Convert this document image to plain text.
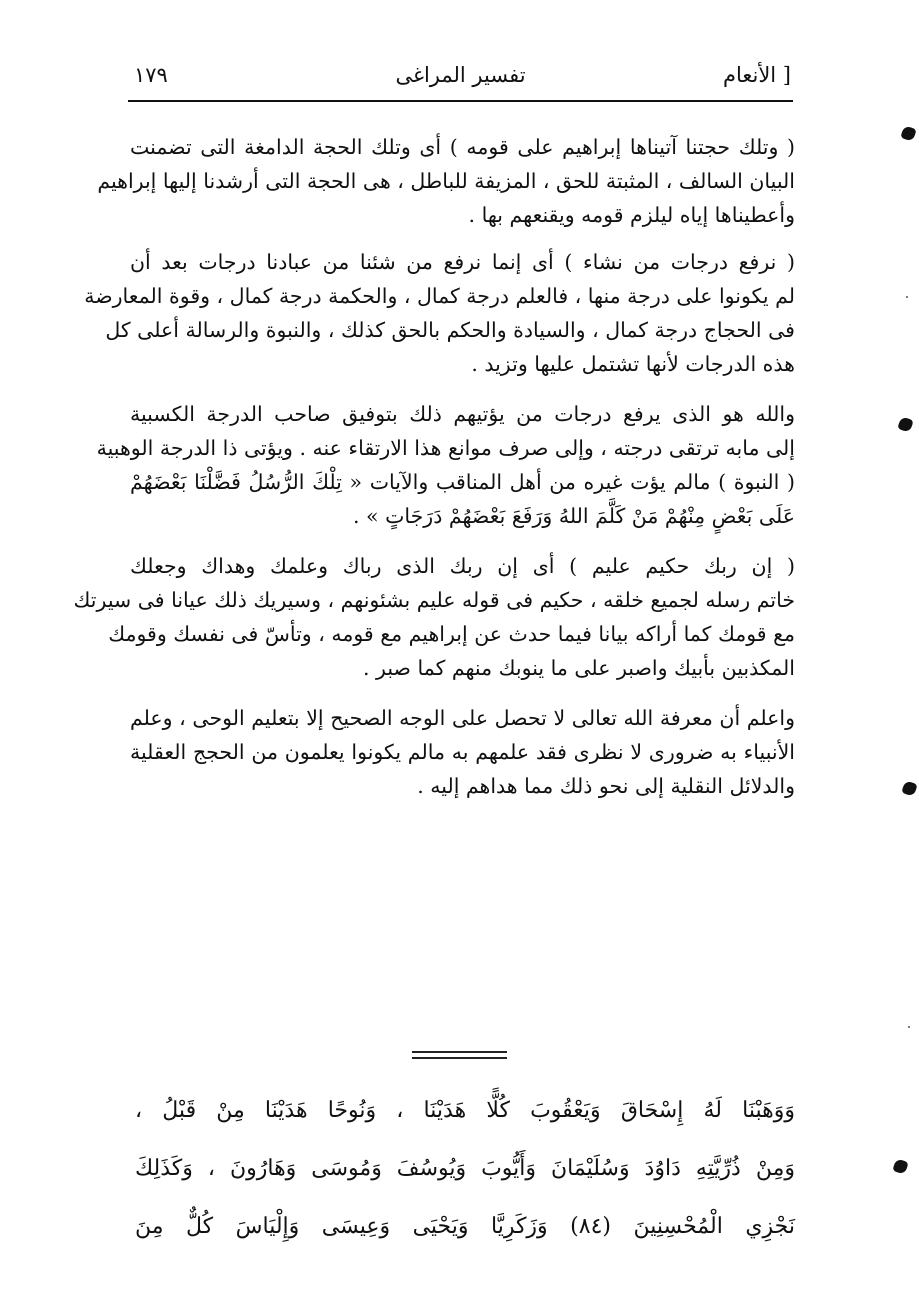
١٧٩	تفسير المراغى	الأنعام ]
( وتلك حجتنا آتيناها إبراهيم على قومه ) أى وتلك الحجة الدامغة التى تضمنت
البيان السالف ، المثبتة للحق ، المزيفة للباطل ، هى الحجة التى أرشدنا إليها إبراهيم
وأعطيناها إياه ليلزم قومه ويقنعهم بها .
( نرفع درجات من نشاء ) أى إنما نرفع من شئنا من عبادنا درجات بعد أن
لم يكونوا على درجة منها ، فالعلم درجة كمال ، والحكمة درجة كمال ، وقوة المعارضة
فى الحجاج درجة كمال ، والسيادة والحكم بالحق كذلك ، والنبوة والرسالة أعلى كل
هذه الدرجات لأنها تشتمل عليها وتزيد .
والله هو الذى يرفع درجات من يؤتيهم ذلك بتوفيق صاحب الدرجة الكسبية
إلى مابه ترتقى درجته ، وإلى صرف موانع هذا الارتقاء عنه . ويؤتى ذا الدرجة الوهبية
( النبوة ) مالم يؤت غيره من أهل المناقب والآيات « تِلْكَ الرُّسُلُ فَضَّلْنَا بَعْضَهُمْ
عَلَى بَعْضٍ مِنْهُمْ مَنْ كَلَّمَ اللهُ وَرَفَعَ بَعْضَهُمْ دَرَجَاتٍ » .
( إن ربك حكيم عليم ) أى إن ربك الذى رباك وعلمك وهداك وجعلك
خاتم رسله لجميع خلقه ، حكيم فى قوله عليم بشئونهم ، وسيريك ذلك عيانا فى سيرتك
مع قومك كما أراكه بيانا فيما حدث عن إبراهيم مع قومه ، وتأسّ فى نفسك وقومك
المكذبين بأبيك واصبر على ما ينوبك منهم كما صبر .
واعلم أن معرفة الله تعالى لا تحصل على الوجه الصحيح إلا بتعليم الوحى ، وعلم
الأنبياء به ضرورى لا نظرى فقد علمهم به مالم يكونوا يعلمون من الحجج العقلية
والدلائل النقلية إلى نحو ذلك مما هداهم إليه .
وَوَهَبْنَا لَهُ إِسْحَاقَ وَيَعْقُوبَ كُلًّا هَدَيْنَا ، وَنُوحًا هَدَيْنَا مِنْ قَبْلُ ،
وَمِنْ ذُرِّيَّتِهِ دَاوُدَ وَسُلَيْمَانَ وَأَيُّوبَ وَيُوسُفَ وَمُوسَى وَهَارُونَ ، وَكَذَلِكَ
نَجْزِي الْمُحْسِنِينَ (٨٤) وَزَكَرِيَّا وَيَحْيَى وَعِيسَى وَإِلْيَاسَ كُلٌّ مِنَ
